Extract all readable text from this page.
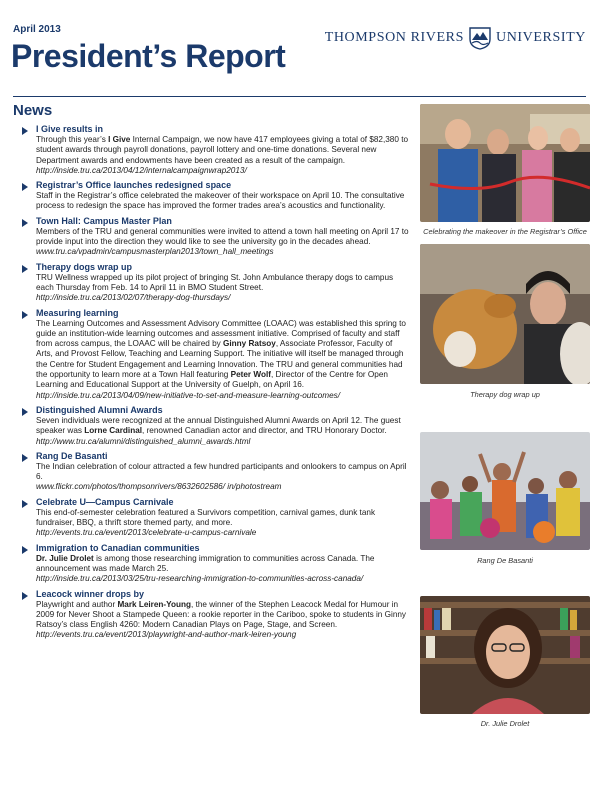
April 2013
President’s Report
THOMPSON RIVERS UNIVERSITY
News
I Give results in
Through this year’s I Give Internal Campaign, we now have 417 employees giving a total of $82,380 to student awards through payroll donations, payroll lottery and one-time donations. Several new Department awards and endowments have been created as a result of the campaign.
http://inside.tru.ca/2013/04/12/internalcampaignwrap2013/
Registrar’s Office launches redesigned space
Staff in the Registrar’s office celebrated the makeover of their workspace on April 10. The consultative process to redesign the space has improved the former trades area’s acoustics and functionality.
Town Hall: Campus Master Plan
Members of the TRU and general communities were invited to attend a town hall meeting on April 17 to provide input into the direction they would like to see the university go in the decades ahead.
www.tru.ca/vpadmin/campusmasterplan2013/town_hall_meetings
Therapy dogs wrap up
TRU Wellness wrapped up its pilot project of bringing St. John Ambulance therapy dogs to campus each Thursday from Feb. 14 to April 11 in BMO Student Street.
http://inside.tru.ca/2013/02/07/therapy-dog-thursdays/
Measuring learning
The Learning Outcomes and Assessment Advisory Committee (LOAAC) was established this spring to guide an institution-wide learning outcomes and assessment initiative. Comprised of faculty and staff from across campus, the LOAAC will be chaired by Ginny Ratsoy, Associate Professor, Faculty of Arts, and Provost Fellow, Teaching and Learning Support. The initiative will itself be managed through the Centre for Student Engagement and Learning Innovation. The TRU and general communities had the opportunity to learn more at a Town Hall featuring Peter Wolf, Director of the Centre for Open Learning and Educational Support at the University of Guelph, on April 16.
http://inside.tru.ca/2013/04/09/new-initiative-to-set-and-measure-learning-outcomes/
Distinguished Alumni Awards
Seven individuals were recognized at the annual Distinguished Alumni Awards on April 12. The guest speaker was Lorne Cardinal, renowned Canadian actor and director, and TRU Honorary Doctor.
http://www.tru.ca/alumni/distinguished_alumni_awards.html
Rang De Basanti
The Indian celebration of colour attracted a few hundred participants and onlookers to campus on April 6.
www.flickr.com/photos/thompsonrivers/8632602586/ in/photostream
Celebrate U—Campus Carnivale
This end-of-semester celebration featured a Survivors competition, carnival games, dunk tank fundraiser, BBQ, a thrift store themed party, and more.
http://events.tru.ca/event/2013/celebrate-u-campus-carnivale
Immigration to Canadian communities
Dr. Julie Drolet is among those researching immigration to communities across Canada. The announcement was made March 25.
http://inside.tru.ca/2013/03/25/tru-researching-immigration-to-communities-across-canada/
Leacock winner drops by
Playwright and author Mark Leiren-Young, the winner of the Stephen Leacock Medal for Humour in 2009 for Never Shoot a Stampede Queen: a rookie reporter in the Cariboo, spoke to students in Ginny Ratsoy’s class English 4260: Modern Canadian Plays on Page, Stage, and Screen.
http://events.tru.ca/event/2013/playwright-and-author-mark-leiren-young
Celebrating the makeover in the Registrar’s Office
Therapy dog wrap up
Rang De Basanti
Dr. Julie Drolet
